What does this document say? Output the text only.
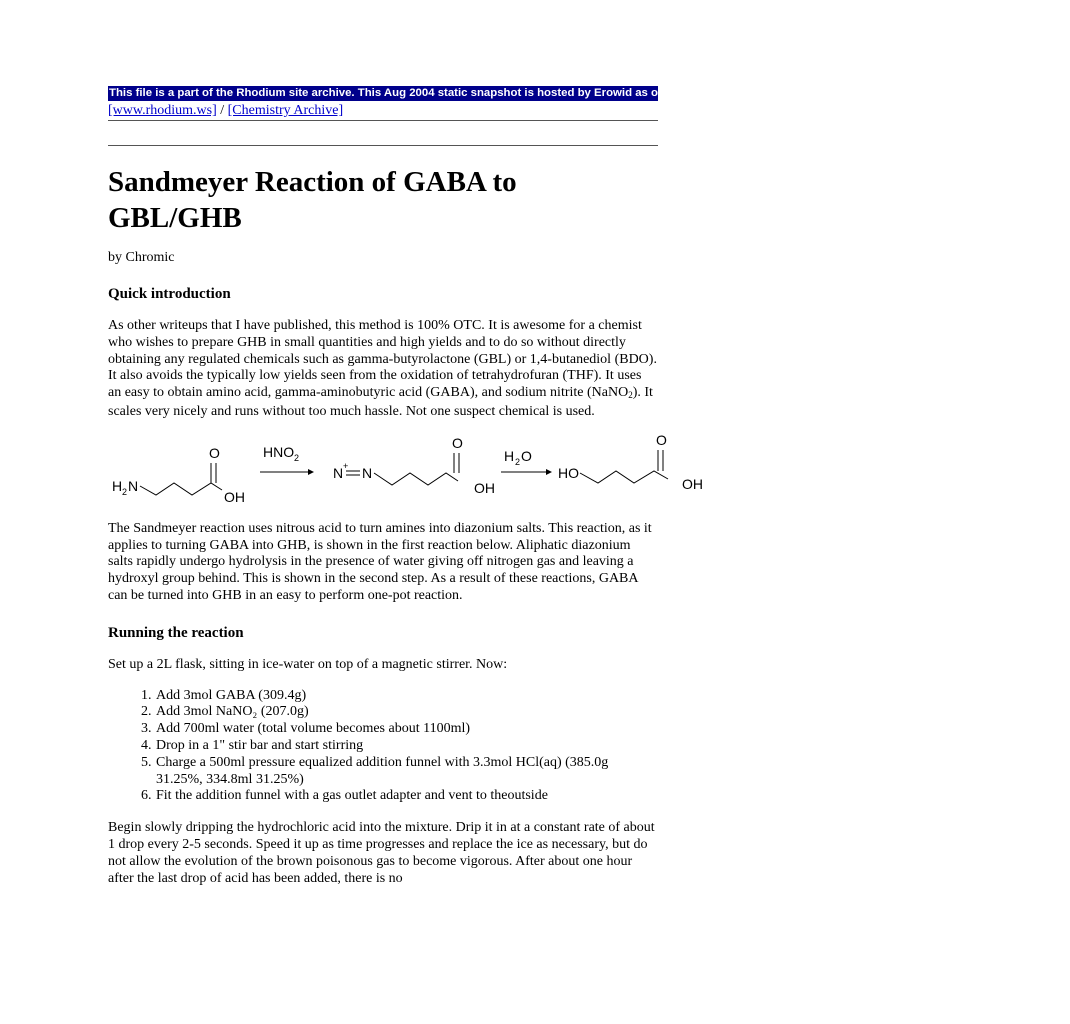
This file is a part of the Rhodium site archive. This Aug 2004 static snapshot is hosted by Erowid as of May 2005 and is not being updated. > > Back to Rhodium Archive Index > >
[www.rhodium.ws] / [Chemistry Archive]
Sandmeyer Reaction of GABA to GBL/GHB
by Chromic
Quick introduction

As other writeups that I have published, this method is 100% OTC. It is awesome for a chemist who wishes to prepare GHB in small quantities and high yields and to do so without directly obtaining any regulated chemicals such as gamma-butyrolactone (GBL) or 1,4-butanediol (BDO). It also avoids the typically low yields seen from the oxidation of tetrahydrofuran (THF). It uses an easy to obtain amino acid, gamma-aminobutyric acid (GABA), and sodium nitrite (NaNO$_2$). It scales very nicely and runs without too much hassle. Not one suspect chemical is used.

H 2 N
O
OH
HNO 2
N + N
O
OH
H 2 O
HO
O
OH

The Sandmeyer reaction uses nitrous acid to turn amines into diazonium salts. This reaction, as it applies to turning GABA into GHB, is shown in the first reaction below. Aliphatic diazonium salts rapidly undergo hydrolysis in the presence of water giving off nitrogen gas and leaving a hydroxyl group behind. This is shown in the second step. As a result of these reactions, GABA can be turned into GHB in an easy to perform one-pot reaction.

Running the reaction

Set up a 2L flask, sitting in ice-water on top of a magnetic stirrer. Now:

1. Add 3mol GABA (309.4g)
2. Add 3mol NaNO₂ (207.0g)
3. Add 700ml water (total volume becomes about 1100ml)
4. Drop in a 1" stir bar and start stirring
5. Charge a 500ml pressure equalized addition funnel with 3.3mol HCl(aq) (385.0g 31.25%, 334.8ml 31.25%)
6. Fit the addition funnel with a gas outlet adapter and vent to theoutside

Begin slowly dripping the hydrochloric acid into the mixture. Drip it in at a constant rate of about 1 drop every 2-5 seconds. Speed it up as time progresses and replace the ice as necessary, but do not allow the evolution of the brown poisonous gas to become vigorous. After about one hour after the last drop of acid has been added, there is no
